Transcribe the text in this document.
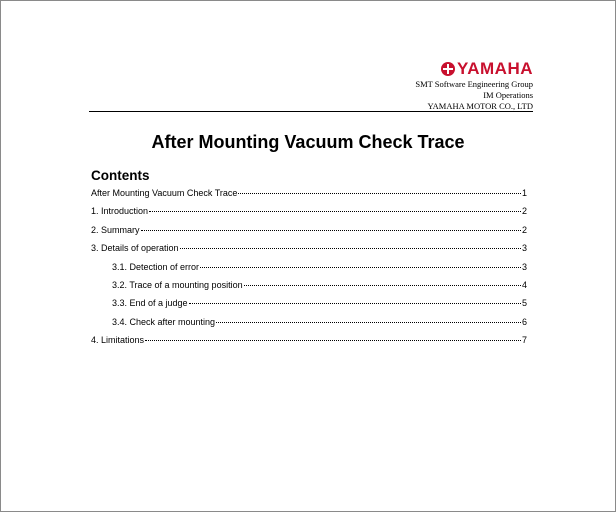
YAMAHA
SMT Software Engineering Group
IM Operations
YAMAHA MOTOR CO., LTD
After Mounting Vacuum Check Trace
Contents
After Mounting Vacuum Check Trace	1
1. Introduction	2
2. Summary	2
3. Details of operation	3
3.1. Detection of error	3
3.2. Trace of a mounting position	4
3.3. End of a judge	5
3.4. Check after mounting	6
4. Limitations	7
